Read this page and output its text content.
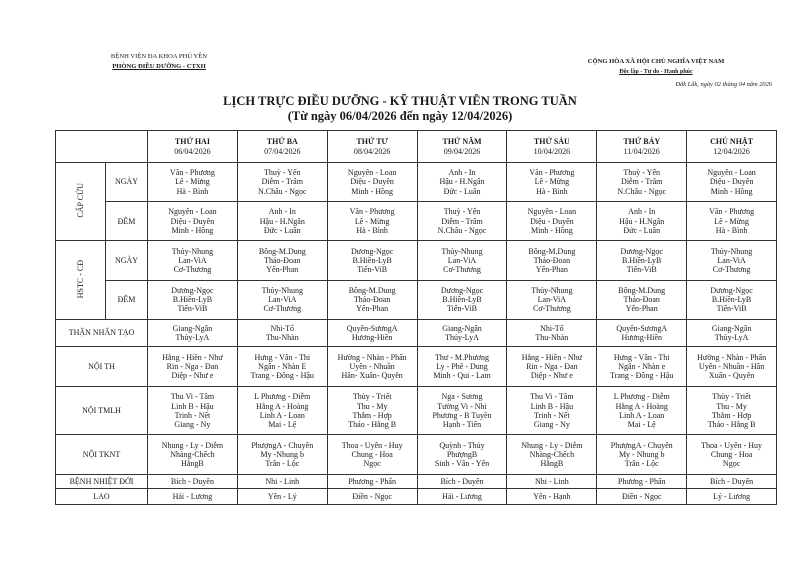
BỆNH VIỆN ĐA KHOA PHÚ YÊN
PHÒNG ĐIỀU DƯỠNG - CTXH
CỘNG HÒA XÃ HỘI CHỦ NGHĨA VIỆT NAM
Độc lập - Tự do - Hạnh phúc
Đắk Lắk, ngày 02 tháng 04 năm 2026
LỊCH TRỰC ĐIỀU DƯỠNG - KỸ THUẬT VIÊN TRONG TUẦN
(Từ ngày 06/04/2026 đến ngày 12/04/2026)

		THỨ HAI
06/04/2026	THỨ BA
07/04/2026	THỨ TƯ
08/04/2026	THỨ NĂM
09/04/2026	THỨ SÁU
10/04/2026	THỨ BẢY
11/04/2026	CHỦ NHẬT
12/04/2026

CẤP CỨU	NGÀY	Văn - Phương
Lê - Mừng
Hà - Bình	Thuỳ - Yến
Diễm - Trâm
N.Châu - Ngọc	Nguyên - Loan
Diệu - Duyên
Minh - Hồng	Anh - In
Hậu - H.Ngân
Đức - Luân	Văn - Phương
Lê - Mừng
Hà - Bình	Thuỳ - Yến
Diễm - Trâm
N.Châu - Ngọc	Nguyên - Loan
Diệu - Duyên
Minh - Hồng

	ĐÊM	Nguyên - Loan
Diệu - Duyên
Minh - Hồng	Anh - In
Hậu - H.Ngân
Đức - Luân	Văn - Phương
Lê - Mừng
Hà - Bình	Thuỳ - Yến
Diễm - Trâm
N.Châu - Ngọc	Nguyên - Loan
Diệu - Duyên
Minh - Hồng	Anh - In
Hậu - H.Ngân
Đức - Luân	Văn - Phương
Lê - Mừng
Hà - Bình

HSTC - CĐ	NGÀY	Thủy-Nhung
Lan-ViA
Cơ-Thương	Bông-M.Dung
Thảo-Đoan
Yến-Phan	Dương-Ngọc
B.Hiền-LyB
Tiến-ViB	Thủy-Nhung
Lan-ViA
Cơ-Thương	Bông-M.Dung
Thảo-Đoan
Yến-Phan	Dương-Ngọc
B.Hiền-LyB
Tiến-ViB	Thủy-Nhung
Lan-ViA
Cơ-Thương

	ĐÊM	Dương-Ngọc
B.Hiền-LyB
Tiến-ViB	Thủy-Nhung
Lan-ViA
Cơ-Thương	Bông-M.Dung
Thảo-Đoan
Yến-Phan	Dương-Ngọc
B.Hiền-LyB
Tiến-ViB	Thủy-Nhung
Lan-ViA
Cơ-Thương	Bông-M.Dung
Thảo-Đoan
Yến-Phan	Dương-Ngọc
B.Hiền-LyB
Tiến-ViB

THẬN NHÂN TẠO		Giang-Ngân
Thủy-LyA	Nhi-Tổ
Thu-Nhàn	Quyên-SươngA
Hương-Hiền	Giang-Ngân
Thủy-LyA	Nhi-Tổ
Thu-Nhàn	Quyên-SươngA
Hương-Hiền	Giang-Ngân
Thủy-LyA

NỘI TH		Hằng - Hiền - Như
Rin - Nga - Đan
Diệp - Như e	Hưng - Vân - Thi
Ngân - Nhàn E
Trang - Đông - Hậu	Hường - Nhàn - Phấn
Uyên - Nhuần
Hân- Xuân- Quyên	Thư - M.Phương
Ly - Phê - Dung
Minh - Qui - Lam	Hằng - Hiền - Như
Rin - Nga - Đan
Diệp - Như e	Hưng - Vân - Thi
Ngân - Nhàn e
Trang - Đông - Hậu	Hường - Nhàn - Phấn
Uyên - Nhuần - Hân
Xuân - Quyên

NỘI TMLH		Thu Vi - Tâm
Linh B - Hậu
Trinh - Nết
Giang - Ny	L Phương - Diễm
Hằng A - Hoàng
Linh A - Loan
Mai - Lệ	Thùy - Triết
Thu - My
Thắm - Hợp
Thảo - Hằng B	Nga - Sương
Tường Vi - Nhi
Phương - B Tuyền
Hạnh - Tiến	Thu Vi - Tâm
Linh B - Hậu
Trinh - Nết
Giang - Ny	L Phương - Diễm
Hằng A - Hoàng
Linh A - Loan
Mai - Lệ	Thùy - Triết
Thu - My
Thắm - Hợp
Thảo - Hằng B

NỘI TKNT		Nhung - Ly - Diễm
Nhàng-Chếch
HằngB	PhượngA - Chuyên
My -Nhung b
Trân - Lộc	Thoa - Uyên - Huy
Chung - Hoa
Ngọc	Quỳnh - Thủy
PhượngB
Sinh - Vân - Yến	Nhung - Ly - Diễm
Nhàng-Chếch
HằngB	PhượngA - Chuyên
My - Nhung b
Trân - Lộc	Thoa - Uyên - Huy
Chung - Hoa
Ngọc

BỆNH NHIỆT ĐỚI		Bích - Duyên	Nhi - Linh	Phương - Phấn	Bích - Duyên	Nhi - Linh	Phương - Phấn	Bích - Duyên

LAO		Hải - Lương	Yên - Lý	Điền - Ngọc	Hải - Lương	Yên - Hạnh	Điền - Ngọc	Lý - Lương
